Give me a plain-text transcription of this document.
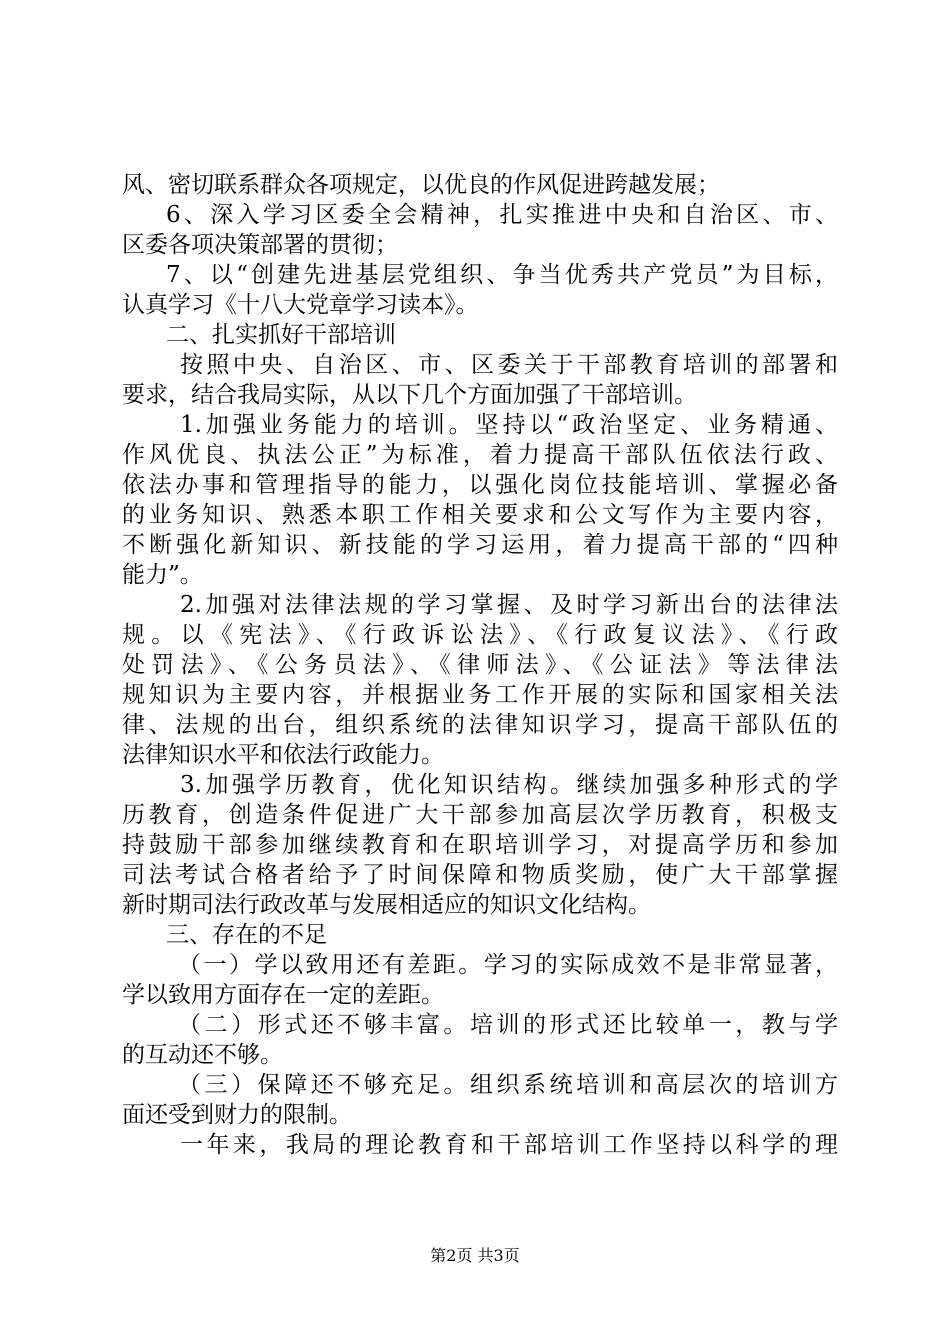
风、密切联系群众各项规定，以优良的作风促进跨越发展；
6、深入学习区委全会精神，扎实推进中央和自治区、市、
区委各项决策部署的贯彻；
7、以“创建先进基层党组织、争当优秀共产党员”为目标，
认真学习《十八大党章学习读本》。
二、扎实抓好干部培训
按照中央、自治区、市、区委关于干部教育培训的部署和
要求，结合我局实际，从以下几个方面加强了干部培训。
1.加强业务能力的培训。坚持以“政治坚定、业务精通、
作风优良、执法公正”为标准，着力提高干部队伍依法行政、
依法办事和管理指导的能力，以强化岗位技能培训、掌握必备
的业务知识、熟悉本职工作相关要求和公文写作为主要内容，
不断强化新知识、新技能的学习运用，着力提高干部的“四种
能力”。
2.加强对法律法规的学习掌握、及时学习新出台的法律法
规。以《宪法》、《行政诉讼法》、《行政复议法》、《行政
处罚法》、《公务员法》、《律师法》、《公证法》等法律法
规知识为主要内容，并根据业务工作开展的实际和国家相关法
律、法规的出台，组织系统的法律知识学习，提高干部队伍的
法律知识水平和依法行政能力。
3.加强学历教育，优化知识结构。继续加强多种形式的学
历教育，创造条件促进广大干部参加高层次学历教育，积极支
持鼓励干部参加继续教育和在职培训学习，对提高学历和参加
司法考试合格者给予了时间保障和物质奖励，使广大干部掌握
新时期司法行政改革与发展相适应的知识文化结构。
三、存在的不足
（一）学以致用还有差距。学习的实际成效不是非常显著，
学以致用方面存在一定的差距。
（二）形式还不够丰富。培训的形式还比较单一，教与学
的互动还不够。
（三）保障还不够充足。组织系统培训和高层次的培训方
面还受到财力的限制。
一年来，我局的理论教育和干部培训工作坚持以科学的理
第2页 共3页
